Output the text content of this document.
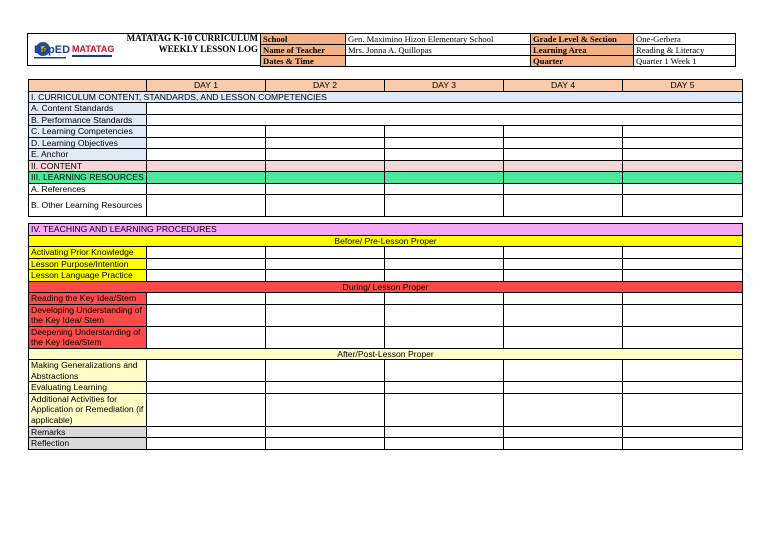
DepED MATATAG
MATATAG K-10 CURRICULUM
WEEKLY LESSON LOG
School	Gen. Maximino Hizon Elementary School	Grade Level & Section	One-Gerbera
Name of Teacher	Mrs. Jonna A. Quillopas	Learning Area	Reading & Literacy
Dates & Time		Quarter	Quarter 1 Week 1
	DAY 1	DAY 2	DAY 3	DAY 4	DAY 5
I. CURRICULUM CONTENT, STANDARDS, AND LESSON COMPETENCIES					
A. Content Standards					
B. Performance Standards					
C. Learning Competencies					
D. Learning Objectives					
E. Anchor					
II. CONTENT					
III. LEARNING RESOURCES					
A. References					
B. Other Learning Resources					
IV. TEACHING AND LEARNING PROCEDURES					
Before/ Pre-Lesson Proper					
Activating Prior Knowledge					
Lesson Purpose/Intention					
Lesson Language Practice					
During/ Lesson Proper					
Reading the Key Idea/Stem					
Developing Understanding of the Key Idea/ Stem					
Deepening Understanding of the Key Idea/Stem					
After/Post-Lesson Proper					
Making Generalizations and Abstractions					
Evaluating Learning					
Additional Activities for Application or Remediation (if applicable)					
Remarks					
Reflection					
